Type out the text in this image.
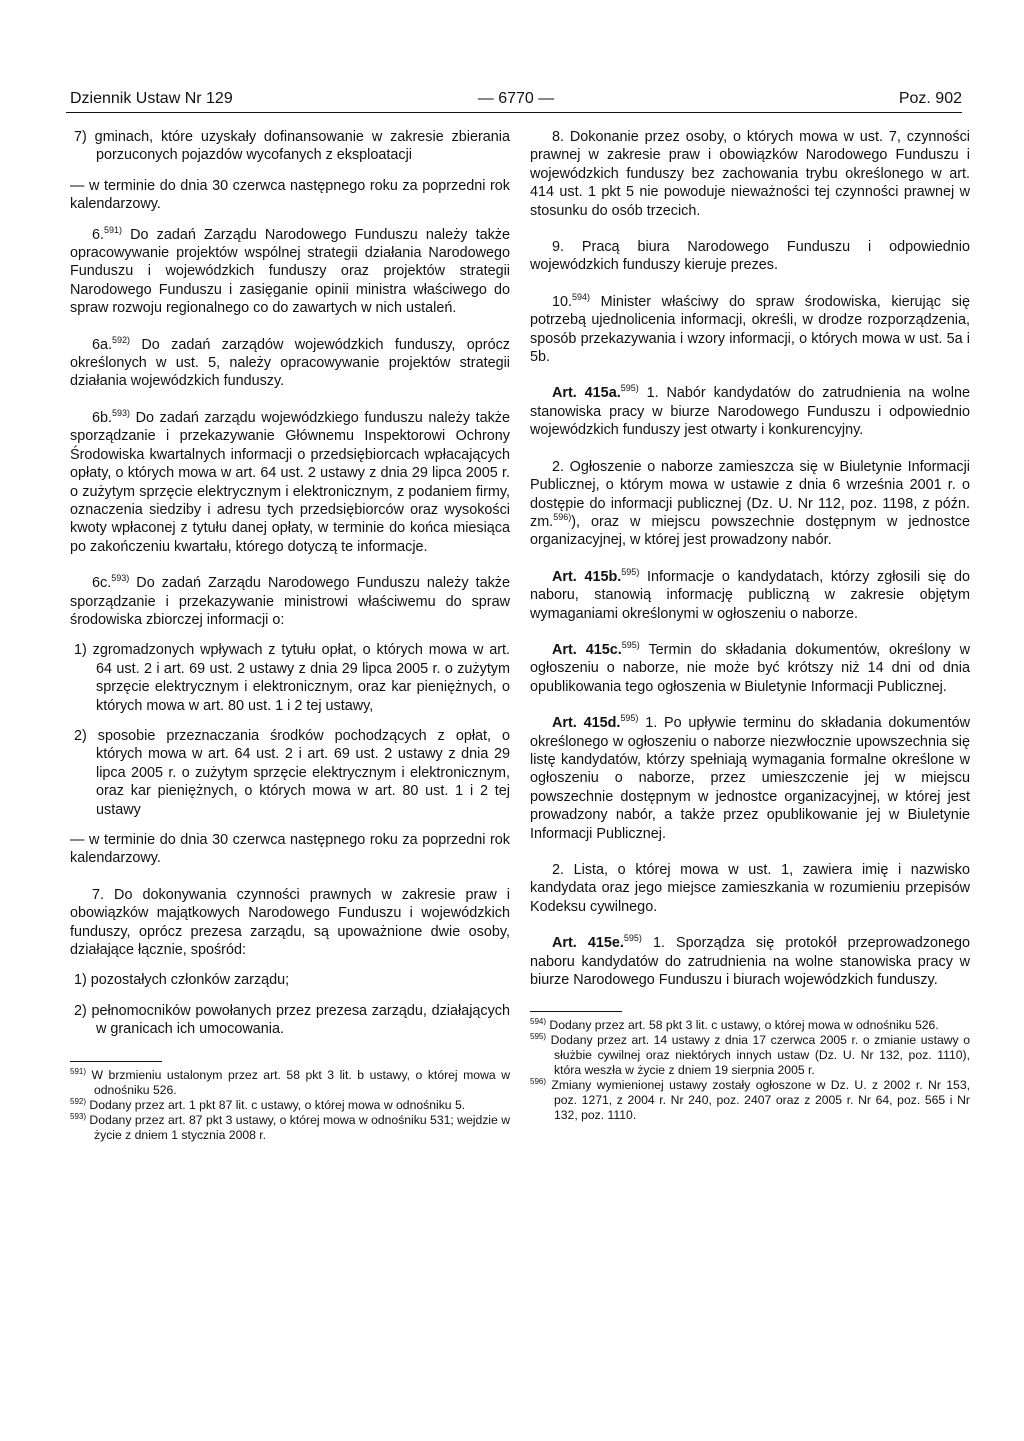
Dziennik Ustaw Nr 129	— 6770 —	Poz. 902

7) gminach, które uzyskały dofinansowanie w zakresie zbierania porzuconych pojazdów wycofanych z eksploatacji

— w terminie do dnia 30 czerwca następnego roku za poprzedni rok kalendarzowy.

6.$^{591)}$ Do zadań Zarządu Narodowego Funduszu należy także opracowywanie projektów wspólnej strategii działania Narodowego Funduszu i wojewódzkich funduszy oraz projektów strategii Narodowego Funduszu i zasięganie opinii ministra właściwego do spraw rozwoju regionalnego co do zawartych w nich ustaleń.

6a.$^{592)}$ Do zadań zarządów wojewódzkich funduszy, oprócz określonych w ust. 5, należy opracowywanie projektów strategii działania wojewódzkich funduszy.

6b.$^{593)}$ Do zadań zarządu wojewódzkiego funduszu należy także sporządzanie i przekazywanie Głównemu Inspektorowi Ochrony Środowiska kwartalnych informacji o przedsiębiorcach wpłacających opłaty, o których mowa w art. 64 ust. 2 ustawy z dnia 29 lipca 2005 r. o zużytym sprzęcie elektrycznym i elektronicznym, z podaniem firmy, oznaczenia siedziby i adresu tych przedsiębiorców oraz wysokości kwoty wpłaconej z tytułu danej opłaty, w terminie do końca miesiąca po zakończeniu kwartału, którego dotyczą te informacje.

6c.$^{593)}$ Do zadań Zarządu Narodowego Funduszu należy także sporządzanie i przekazywanie ministrowi właściwemu do spraw środowiska zbiorczej informacji o:

1) zgromadzonych wpływach z tytułu opłat, o których mowa w art. 64 ust. 2 i art. 69 ust. 2 ustawy z dnia 29 lipca 2005 r. o zużytym sprzęcie elektrycznym i elektronicznym, oraz kar pieniężnych, o których mowa w art. 80 ust. 1 i 2 tej ustawy,

2) sposobie przeznaczania środków pochodzących z opłat, o których mowa w art. 64 ust. 2 i art. 69 ust. 2 ustawy z dnia 29 lipca 2005 r. o zużytym sprzęcie elektrycznym i elektronicznym, oraz kar pieniężnych, o których mowa w art. 80 ust. 1 i 2 tej ustawy

— w terminie do dnia 30 czerwca następnego roku za poprzedni rok kalendarzowy.

7. Do dokonywania czynności prawnych w zakresie praw i obowiązków majątkowych Narodowego Funduszu i wojewódzkich funduszy, oprócz prezesa zarządu, są upoważnione dwie osoby, działające łącznie, spośród:

1) pozostałych członków zarządu;

2) pełnomocników powołanych przez prezesa zarządu, działających w granicach ich umocowania.

$^{591)}$ W brzmieniu ustalonym przez art. 58 pkt 3 lit. b ustawy, o której mowa w odnośniku 526.

$^{592)}$ Dodany przez art. 1 pkt 87 lit. c ustawy, o której mowa w odnośniku 5.

$^{593)}$ Dodany przez art. 87 pkt 3 ustawy, o której mowa w odnośniku 531; wejdzie w życie z dniem 1 stycznia 2008 r.

8. Dokonanie przez osoby, o których mowa w ust. 7, czynności prawnej w zakresie praw i obowiązków Narodowego Funduszu i wojewódzkich funduszy bez zachowania trybu określonego w art. 414 ust. 1 pkt 5 nie powoduje nieważności tej czynności prawnej w stosunku do osób trzecich.

9. Pracą biura Narodowego Funduszu i odpowiednio wojewódzkich funduszy kieruje prezes.

10.$^{594)}$ Minister właściwy do spraw środowiska, kierując się potrzebą ujednolicenia informacji, określi, w drodze rozporządzenia, sposób przekazywania i wzory informacji, o których mowa w ust. 5a i 5b.

Art. 415a.$^{595)}$ 1. Nabór kandydatów do zatrudnienia na wolne stanowiska pracy w biurze Narodowego Funduszu i odpowiednio wojewódzkich funduszy jest otwarty i konkurencyjny.

2. Ogłoszenie o naborze zamieszcza się w Biuletynie Informacji Publicznej, o którym mowa w ustawie z dnia 6 września 2001 r. o dostępie do informacji publicznej (Dz. U. Nr 112, poz. 1198, z późn. zm.$^{596)}$), oraz w miejscu powszechnie dostępnym w jednostce organizacyjnej, w której jest prowadzony nabór.

Art. 415b.$^{595)}$ Informacje o kandydatach, którzy zgłosili się do naboru, stanowią informację publiczną w zakresie objętym wymaganiami określonymi w ogłoszeniu o naborze.

Art. 415c.$^{595)}$ Termin do składania dokumentów, określony w ogłoszeniu o naborze, nie może być krótszy niż 14 dni od dnia opublikowania tego ogłoszenia w Biuletynie Informacji Publicznej.

Art. 415d.$^{595)}$ 1. Po upływie terminu do składania dokumentów określonego w ogłoszeniu o naborze niezwłocznie upowszechnia się listę kandydatów, którzy spełniają wymagania formalne określone w ogłoszeniu o naborze, przez umieszczenie jej w miejscu powszechnie dostępnym w jednostce organizacyjnej, w której jest prowadzony nabór, a także przez opublikowanie jej w Biuletynie Informacji Publicznej.

2. Lista, o której mowa w ust. 1, zawiera imię i nazwisko kandydata oraz jego miejsce zamieszkania w rozumieniu przepisów Kodeksu cywilnego.

Art. 415e.$^{595)}$ 1. Sporządza się protokół przeprowadzonego naboru kandydatów do zatrudnienia na wolne stanowiska pracy w biurze Narodowego Funduszu i biurach wojewódzkich funduszy.

$^{594)}$ Dodany przez art. 58 pkt 3 lit. c ustawy, o której mowa w odnośniku 526.

$^{595)}$ Dodany przez art. 14 ustawy z dnia 17 czerwca 2005 r. o zmianie ustawy o służbie cywilnej oraz niektórych innych ustaw (Dz. U. Nr 132, poz. 1110), która weszła w życie z dniem 19 sierpnia 2005 r.

$^{596)}$ Zmiany wymienionej ustawy zostały ogłoszone w Dz. U. z 2002 r. Nr 153, poz. 1271, z 2004 r. Nr 240, poz. 2407 oraz z 2005 r. Nr 64, poz. 565 i Nr 132, poz. 1110.
